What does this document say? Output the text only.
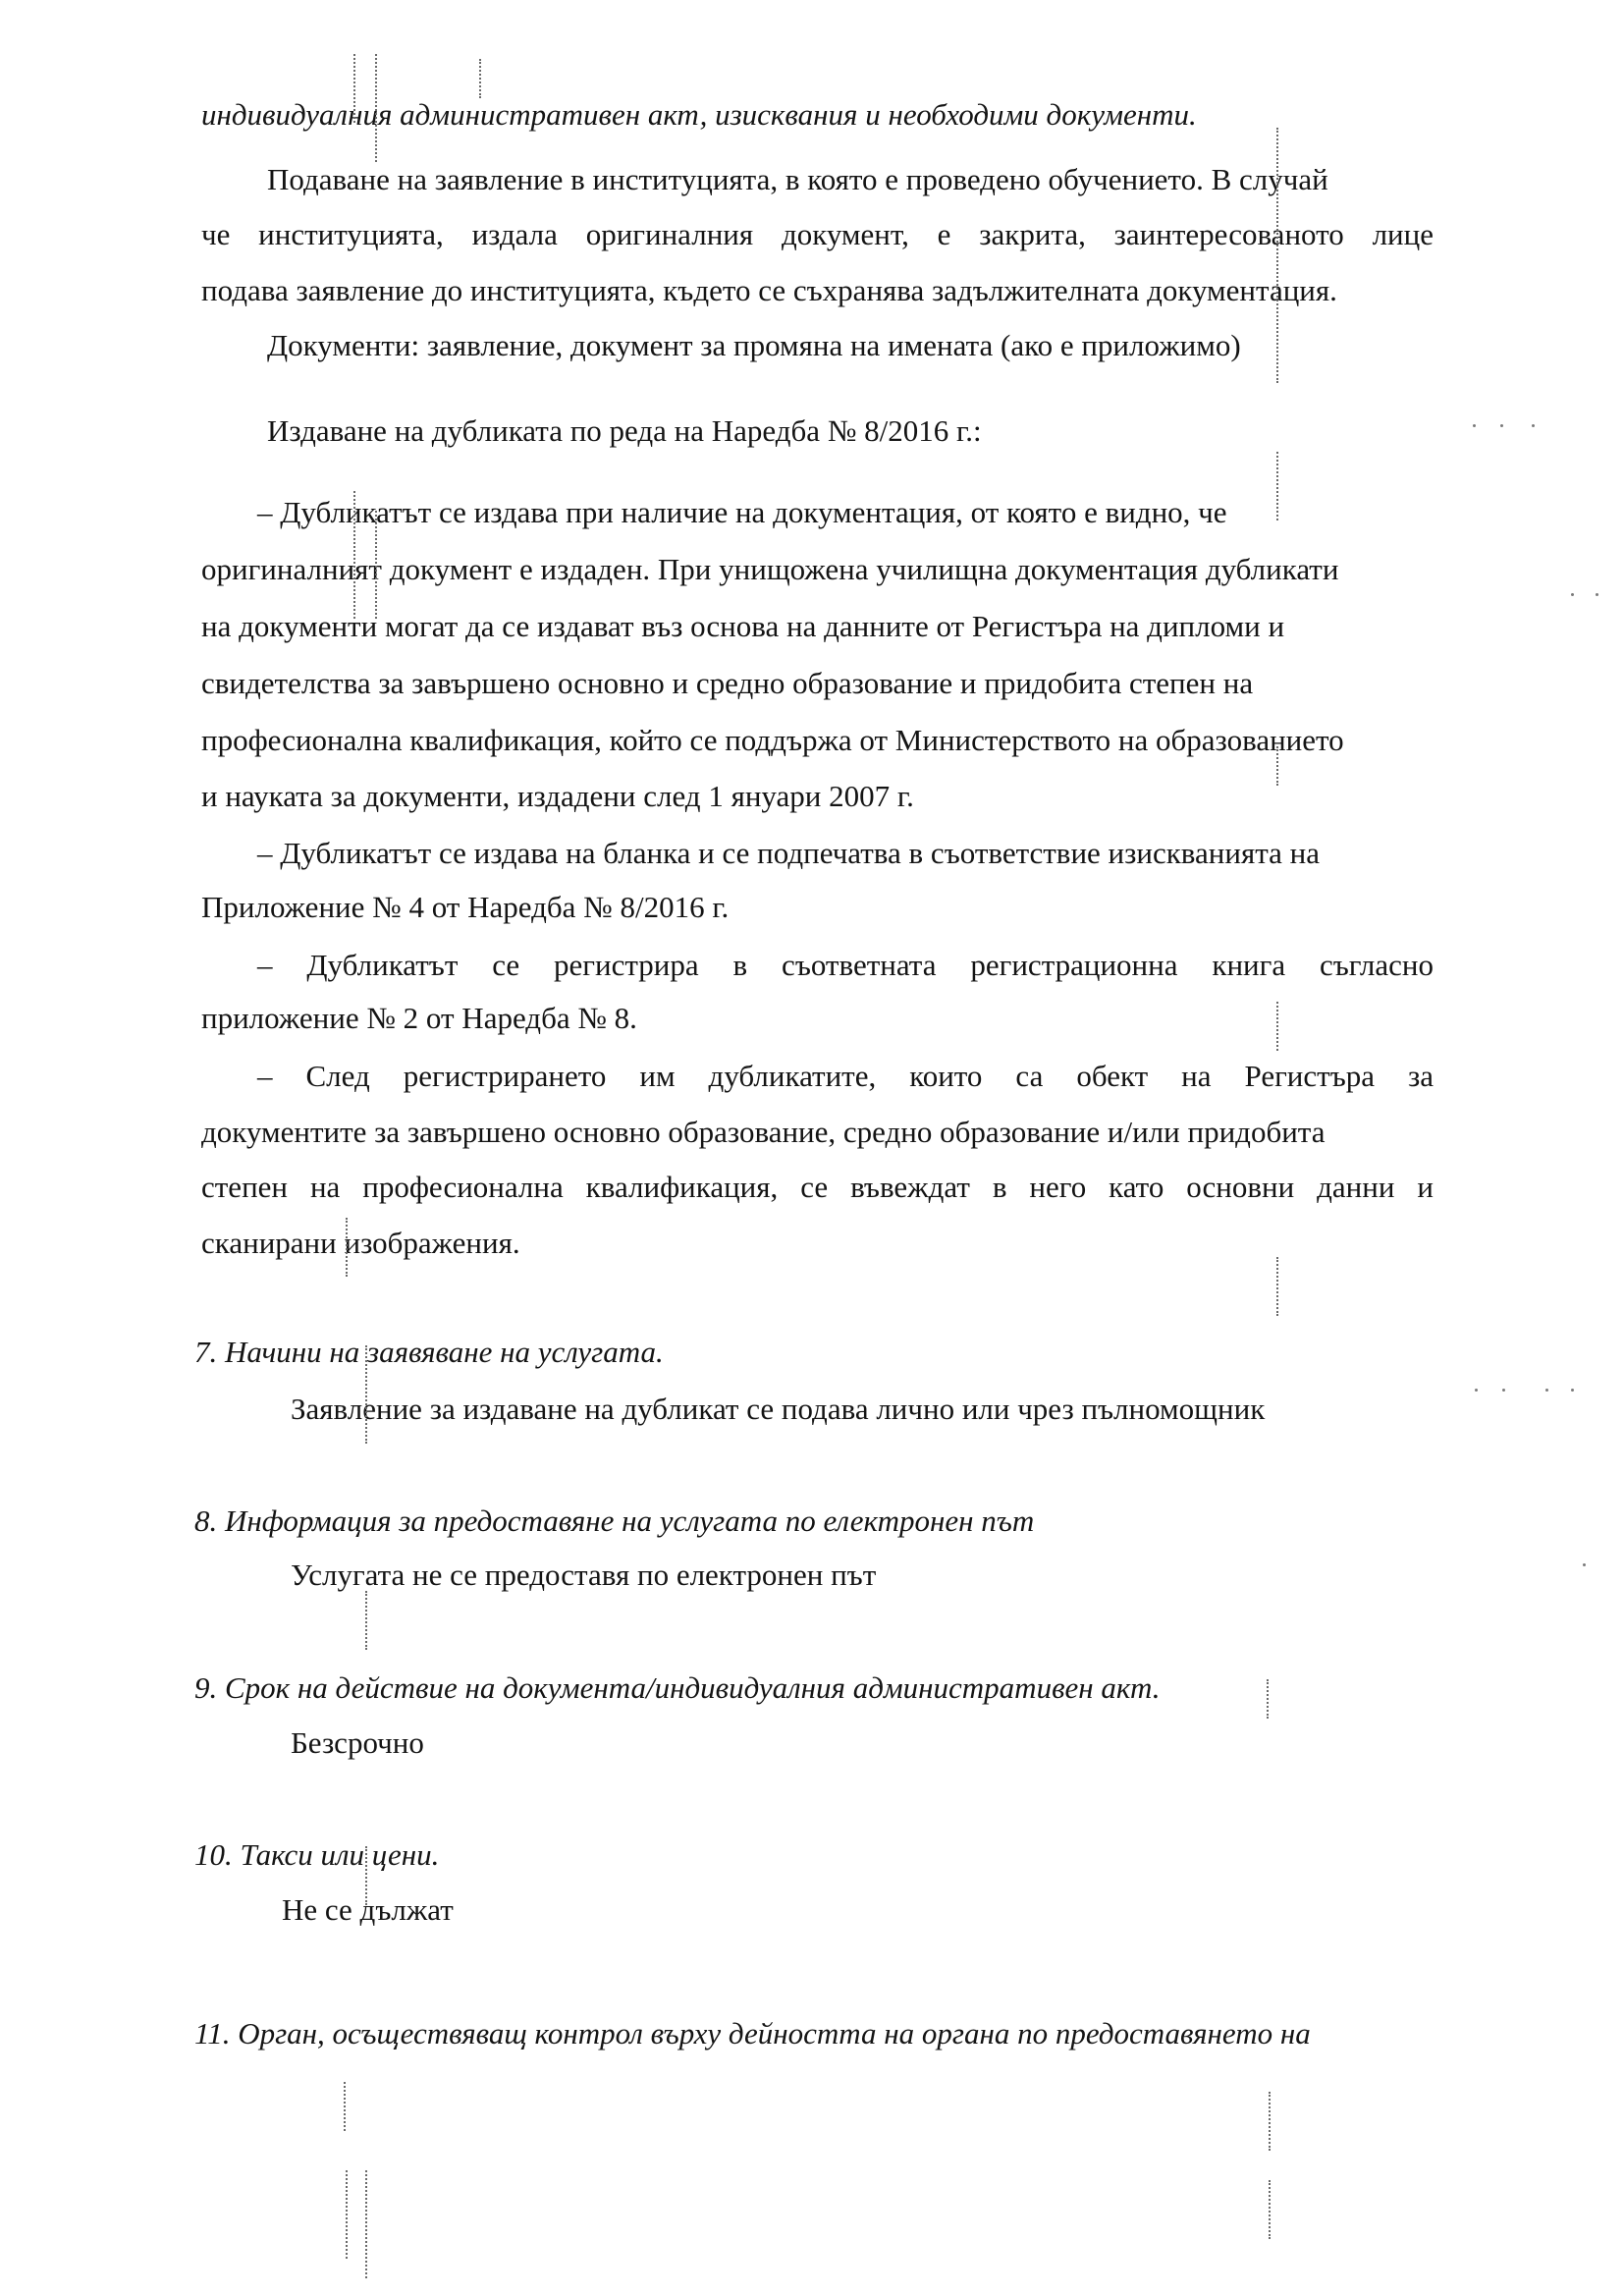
индивидуалния административен акт, изисквания и необходими документи.
Подаване на заявление в институцията, в която е проведено обучението. В случай
че институцията, издала оригиналния документ, е закрита, заинтересованото лице
подава заявление до институцията, където се съхранява задължителната документация.
Документи: заявление, документ за промяна на имената (ако е приложимо)
Издаване на дубликата по реда на Наредба № 8/2016 г.:
– Дубликатът се издава при наличие на документация, от която е видно, че
оригиналният документ е издаден. При унищожена училищна документация дубликати
на документи могат да се издават въз основа на данните от Регистъра на дипломи и
свидетелства за завършено основно и средно образование и придобита степен на
професионална квалификация, който се поддържа от Министерството на образованието
и науката за документи, издадени след 1 януари 2007 г.
– Дубликатът се издава на бланка и се подпечатва в съответствие изискванията на
Приложение № 4 от Наредба № 8/2016 г.
– Дубликатът се регистрира в съответната регистрационна книга съгласно
приложение № 2 от Наредба № 8.
– След регистрирането им дубликатите, които са обект на Регистъра за
документите за завършено основно образование, средно образование и/или придобита
степен на професионална квалификация, се въвеждат в него като основни данни и
сканирани изображения.
7. Начини на заявяване на услугата.
Заявление за издаване на дубликат се подава лично или чрез пълномощник
8. Информация за предоставяне на услугата по електронен път
Услугата не се предоставя по електронен път
9. Срок на действие на документа/индивидуалния административен акт.
Безсрочно
10. Такси или цени.
Не се дължат
11. Орган, осъществяващ контрол върху дейността на органа по предоставянето на
